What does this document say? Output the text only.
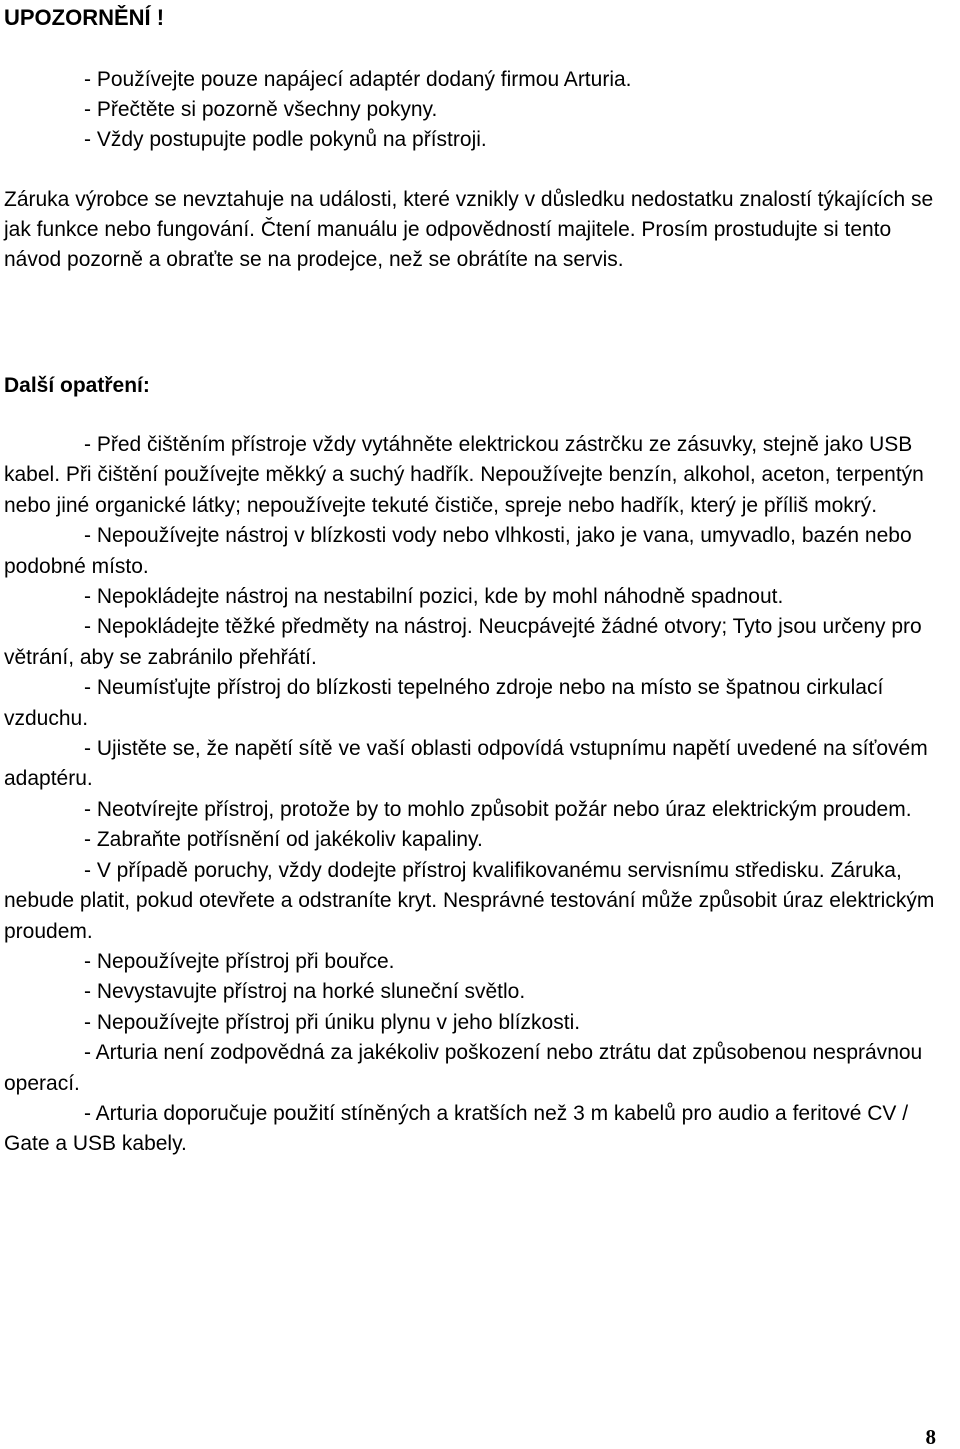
UPOZORNĚNÍ !
- Používejte pouze napájecí adaptér dodaný firmou Arturia.
- Přečtěte si pozorně všechny pokyny.
- Vždy postupujte podle pokynů na přístroji.

Záruka výrobce se nevztahuje na události, které vznikly v důsledku nedostatku znalostí týkajících se jak funkce nebo fungování. Čtení manuálu je odpovědností majitele. Prosím prostudujte si tento návod pozorně a obraťte se na prodejce, než se obrátíte na servis.

Další opatření:

- Před čištěním přístroje vždy vytáhněte elektrickou zástrčku ze zásuvky, stejně jako USB kabel. Při čištění používejte měkký a suchý hadřík. Nepoužívejte benzín, alkohol, aceton, terpentýn nebo jiné organické látky; nepoužívejte tekuté čističe, spreje nebo hadřík, který je příliš mokrý.

- Nepoužívejte nástroj v blízkosti vody nebo vlhkosti, jako je vana, umyvadlo, bazén nebo podobné místo.

- Nepokládejte nástroj na nestabilní pozici, kde by mohl náhodně spadnout.

- Nepokládejte těžké předměty na nástroj. Neucpávejté žádné otvory; Tyto jsou určeny pro větrání, aby se zabránilo přehřátí.

- Neumísťujte přístroj do blízkosti tepelného zdroje nebo na místo se špatnou cirkulací vzduchu.

- Ujistěte se, že napětí sítě ve vaší oblasti odpovídá vstupnímu napětí uvedené na síťovém adaptéru.

- Neotvírejte přístroj, protože by to mohlo způsobit požár nebo úraz elektrickým proudem.

- Zabraňte potřísnění od jakékoliv kapaliny.

- V případě poruchy, vždy dodejte přístroj kvalifikovanému servisnímu středisku. Záruka, nebude platit, pokud otevřete a odstraníte kryt. Nesprávné testování může způsobit úraz elektrickým proudem.

- Nepoužívejte přístroj při bouřce.

- Nevystavujte přístroj na horké sluneční světlo.

- Nepoužívejte přístroj při úniku plynu v jeho blízkosti.

- Arturia není zodpovědná za jakékoliv poškození nebo ztrátu dat způsobenou nesprávnou operací.

- Arturia doporučuje použití stíněných a kratších než 3 m kabelů pro audio a feritové CV / Gate a USB kabely.

8
